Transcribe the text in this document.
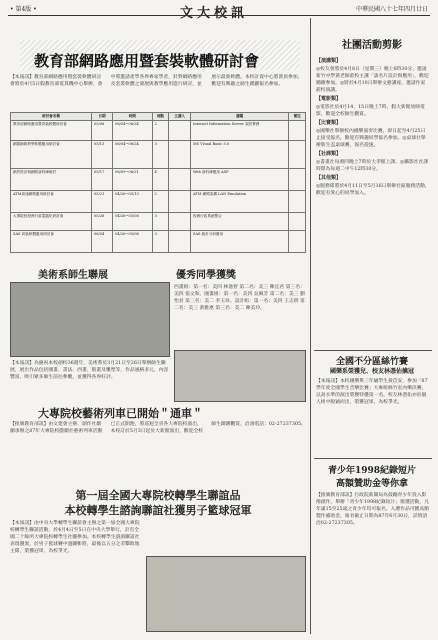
• 第4版 •	文大校訊	中華民國八十七年四月廿日
教育部網路應用暨套裝軟體研討會
【本報訊】教育部網路應用暨套裝軟體研討會將於4月5日假教育部電算機中心舉辦，會中將邀請產學各界專家學者，針對網路應用及套裝軟體之發展與教學應用進行研討，並展示最新軟體。本校計資中心將派員參加，歡迎有興趣之師生踴躍報名參加。
研討會名稱	日期	時間	地點	主講人	講題	備註
教育部網路應用暨套裝軟體研討會	05/06	06/04~06/24	2		Internet Information Server 架設實務	
網際網路教學軟體應用研討會	05/13	06/04~06/24	3		MS Visual Basic 5.0	
網頁設計與網路資料庫研討	05/17	06/09~06/21	4		Web 資料庫應用 ASP	
ATM高速網路應用研討會	05/21	04/26~05/13	2		ATM 網路架構 LAN Emulation	
大專院校校務行政電腦化研討會	05/28	04/26~05/08	3		校務行政系統整合	
SAS 套裝軟體應用研討會	06/04	04/26~05/08	3		SAS 統計分析應用	
美術系師生聯展	優秀同學獲獎
西畫組：第一名：美四 林逸智 第二名：美三 陳宜君 第三名：美四 張文和。國畫組：第一名：美四 吳佩芳 第二名：美三 劉怡君 第三名：美二 李玉珍。設計組：第一名：美四 王志明 第二名：美三 黃雅惠 第三名：美二 陳美玲。
【本報訊】為慶祝本校創校36週年，美術系於3月21日至26日舉辦師生聯展，展出作品包括國畫、書法、西畫、版畫及雕塑等，作品風格多元，內容豐富，吸引眾多師生前往參觀，並獲得各界好評。
大專院校藝術列車已開始＂通車＂
【推廣教育部訊】由文建會主辦、創作社劇團承辦之87年大專院校戲劇社藝術列車活動已正式開跑，將巡迴全省各大專院校演出，本校訂於5月3日起於大新館演出，歡迎全校師生踴躍觀賞，洽詢電話：02-27237305。
第一屆全國大專院校轉學生聯誼品
本校轉學生諮詢聯誼社獲男子籃球冠軍
【本報訊】由中央大學轉學生聯誼會主辦之第一屆全國大專院校轉學生聯誼活動，於4月4日至5日在中央大學舉行，計有全國二十餘所大專院校轉學生社團參加。本校轉學生諮詢聯誼社表現優異，於男子籃球賽中過關斬將，最後以五分之差擊敗地主隊，榮獲冠軍，為校爭光。
社團活動剪影
【演講類】
◎校友會將於4月8日（星期三）晚上6時30分，邀請新竹中學黃老師蒞校主講「談名片設計與應用」，歡迎踴躍參加。◎將於4月10日舉辦文藝講座，邀請作家蒞校演講。
【電影類】
◎電影社於4月14、15日晚上7時，假大新館放映電影，歡迎全校師生觀賞。
【比賽類】
◎國樂社舉辦校內國樂演奏比賽，即日起至4月25日止接受報名，歡迎有興趣同學報名參加。◎桌球社舉辦新生盃桌球賽，報名從速。
【社課類】
◎書畫社每週四晚上7時於大孝館上課。◎攝影社社課時間為每週二中午12時30分。
【其他類】
◎服務隊將於4月11日至5月16日舉辦社區服務活動，歡迎有愛心的同學加入。
全國不分區絲竹賽
國樂系榮獲兒、校友林憑佑擒冠
【本報訊】本校國樂系三年級學生黃苡安，參加「87學年度全國學生音樂比賽」大專組絲竹室內樂決賽，以高水準的演出榮獲特優第一名。校友林憑佑亦於個人組中脫穎而出，榮獲冠軍，為校爭光。
青少年1998紀錄短片
高額贊助金等你拿
【推廣教育部訊】行政院新聞局為鼓勵青少年投入影像創作，舉辦「青少年1998紀錄短片」徵選活動，凡年滿15至25歲之青少年均可報名，入選作品可獲高額製作補助金。報名截止日期為87年6月30日，詳情請洽02-27237305。
